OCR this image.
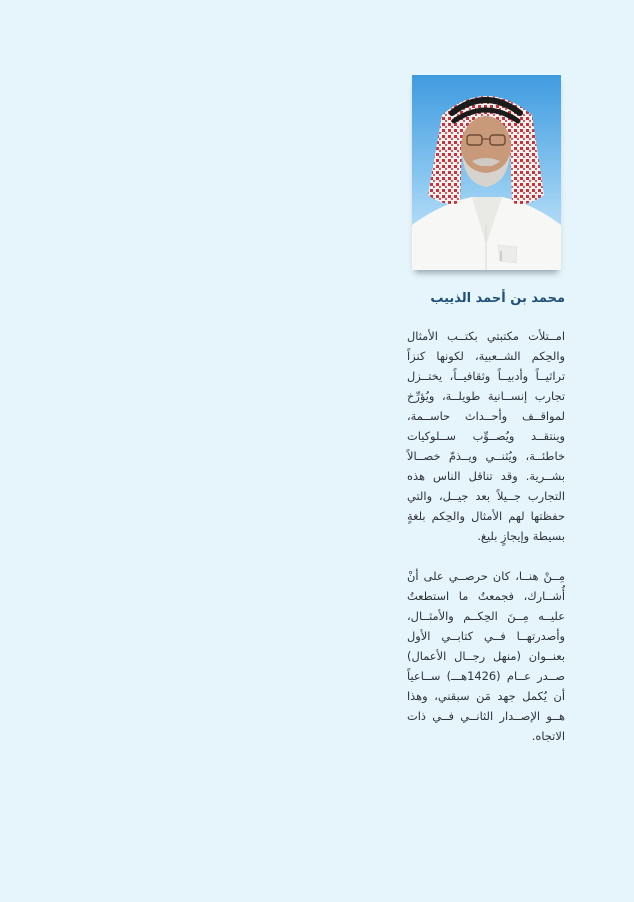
محمد بن أحمد الذييب

امــتلأت مكتبتي بكتــب الأمثال والحِكم الشــعبية، لكونها كنزاً تراثيــاً وأدبيــاً وثقافيــاً، يختــزل تجارب إنســانية طويلــة، ويُؤرِّخ لمواقــف وأحــداث حاســمة، وينتقــد ويُصــوِّب ســلوكيات خاطئــة، ويُثنــي ويــذمّ خصــالاً بشــرية. وقد تناقل الناس هذه التجارب جــيلاً بعد جيــل، والتي حفظتها لهم الأمثال والحِكم بلغةٍ بسيطة وإيجازٍ بليغ.

مِــنْ هنــا، كان حرصــي على أنْ أُشــارك، فجمعتُ ما استطعتُ عليــه مِــنَ الحِكــم والأمثــال، وأصدرتهــا فــي كتابــي الأول بعنــوان (منهل رجــال الأعمال) صــدر عــام (1426هـــ) ســاعياً أن يُكمل جهد مَن سبقني، وهذا هــو الإصــدار الثانــي فــي ذات الاتجاه.
